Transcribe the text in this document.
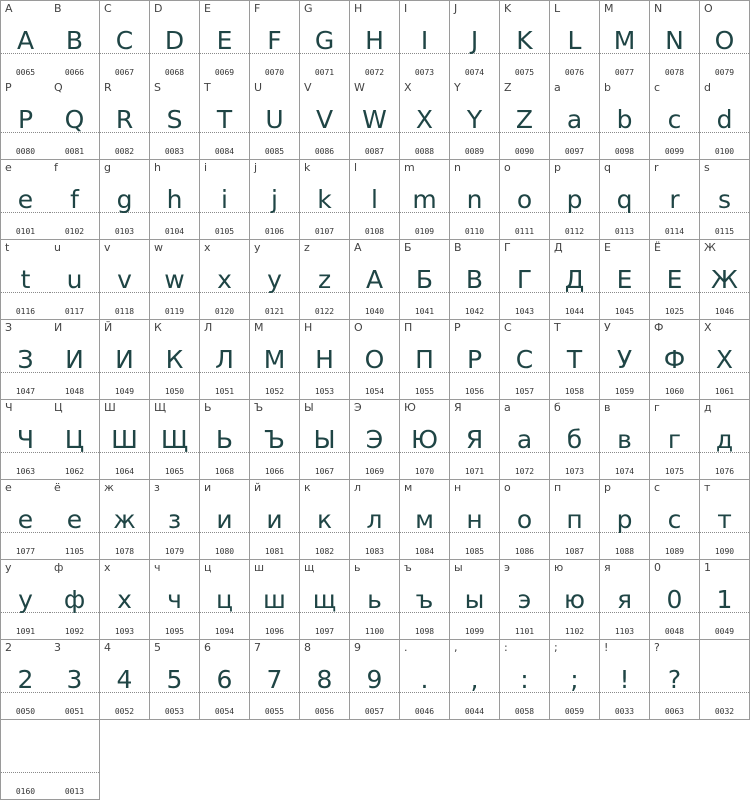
A
A
0065
B
B
0066
C
C
0067
D
D
0068
E
E
0069
F
F
0070
G
G
0071
H
H
0072
I
I
0073
J
J
0074
K
K
0075
L
L
0076
M
M
0077
N
N
0078
O
O
0079
P
P
0080
Q
Q
0081
R
R
0082
S
S
0083
T
T
0084
U
U
0085
V
V
0086
W
W
0087
X
X
0088
Y
Y
0089
Z
Z
0090
a
a
0097
b
b
0098
c
c
0099
d
d
0100
e
e
0101
f
f
0102
g
g
0103
h
h
0104
i
i
0105
j
j
0106
k
k
0107
l
l
0108
m
m
0109
n
n
0110
o
o
0111
p
p
0112
q
q
0113
r
r
0114
s
s
0115
t
t
0116
u
u
0117
v
v
0118
w
w
0119
x
x
0120
y
y
0121
z
z
0122
А
А
1040
Б
Б
1041
В
В
1042
Г
Г
1043
Д
Д
1044
Е
Е
1045
Ё
Е
1025
Ж
Ж
1046
З
З
1047
И
И
1048
Й
И
1049
К
К
1050
Л
Л
1051
М
М
1052
Н
Н
1053
О
О
1054
П
П
1055
Р
Р
1056
С
С
1057
Т
Т
1058
У
У
1059
Ф
Ф
1060
Х
Х
1061
Ч
Ч
1063
Ц
Ц
1062
Ш
Ш
1064
Щ
Щ
1065
Ь
Ь
1068
Ъ
Ъ
1066
Ы
Ы
1067
Э
Э
1069
Ю
Ю
1070
Я
Я
1071
а
а
1072
б
б
1073
в
в
1074
г
г
1075
д
д
1076
е
е
1077
ё
е
1105
ж
ж
1078
з
з
1079
и
и
1080
й
и
1081
к
к
1082
л
л
1083
м
м
1084
н
н
1085
о
о
1086
п
п
1087
р
р
1088
с
с
1089
т
т
1090
у
у
1091
ф
ф
1092
х
х
1093
ч
ч
1095
ц
ц
1094
ш
ш
1096
щ
щ
1097
ь
ь
1100
ъ
ъ
1098
ы
ы
1099
э
э
1101
ю
ю
1102
я
я
1103
0
0
0048
1
1
0049
2
2
0050
3
3
0051
4
4
0052
5
5
0053
6
6
0054
7
7
0055
8
8
0056
9
9
0057
.
.
0046
,
,
0044
:
:
0058
;
;
0059
!
!
0033
?
?
0063	0032
0160	0013
